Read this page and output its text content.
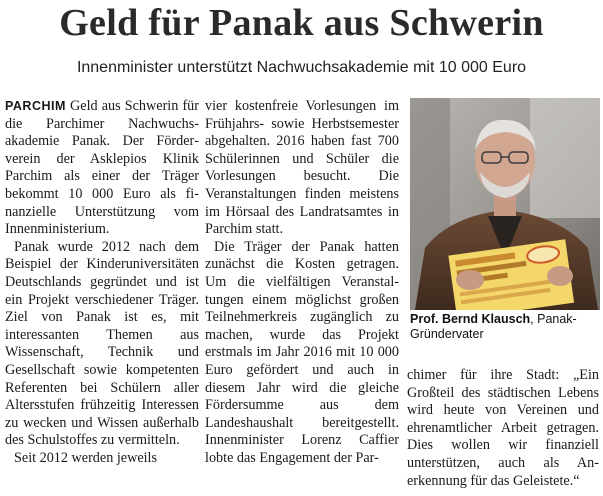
Geld für Panak aus Schwerin
Innenminister unterstützt Nachwuchsakademie mit 10 000 Euro

PARCHIM Geld aus Schwerin für die Parchimer Nachwuchsakademie Panak. Der Förderverein der Asklepios Klinik Parchim als einer der Träger bekommt 10 000 Euro als finanzielle Unterstützung vom Innenministerium.

Panak wurde 2012 nach dem Beispiel der Kinderuniversitäten Deutschlands gegründet und ist ein Projekt verschiedener Träger. Ziel von Panak ist es, mit interessanten Themen aus Wissenschaft, Technik und Gesellschaft sowie kompetenten Referenten bei Schülern aller Altersstufen frühzeitig Interessen zu wecken und Wissen außerhalb des Schulstoffes zu vermitteln.

Seit 2012 werden jeweils

vier kostenfreie Vorlesungen im Frühjahrs- sowie Herbstsemester abgehalten. 2016 haben fast 700 Schülerinnen und Schüler die Vorlesungen besucht. Die Veranstaltungen finden meistens im Hörsaal des Landratsamtes in Parchim statt.

Die Träger der Panak hatten zunächst die Kosten getragen. Um die vielfältigen Veranstaltungen einem möglichst großen Teilnehmerkreis zugänglich zu machen, wurde das Projekt erstmals im Jahr 2016 mit 10 000 Euro gefördert und auch in diesem Jahr wird die gleiche Fördersumme aus dem Landeshaushalt bereitgestellt. Innenminister Lorenz Caffier lobte das Engagement der Par-

Prof. Bernd Klausch, Panak-Gründervater

chimer für ihre Stadt: „Ein Großteil des städtischen Lebens wird heute von Vereinen und ehrenamtlicher Arbeit getragen. Dies wollen wir finanziell unterstützen, auch als Anerkennung für das Geleistete.“
